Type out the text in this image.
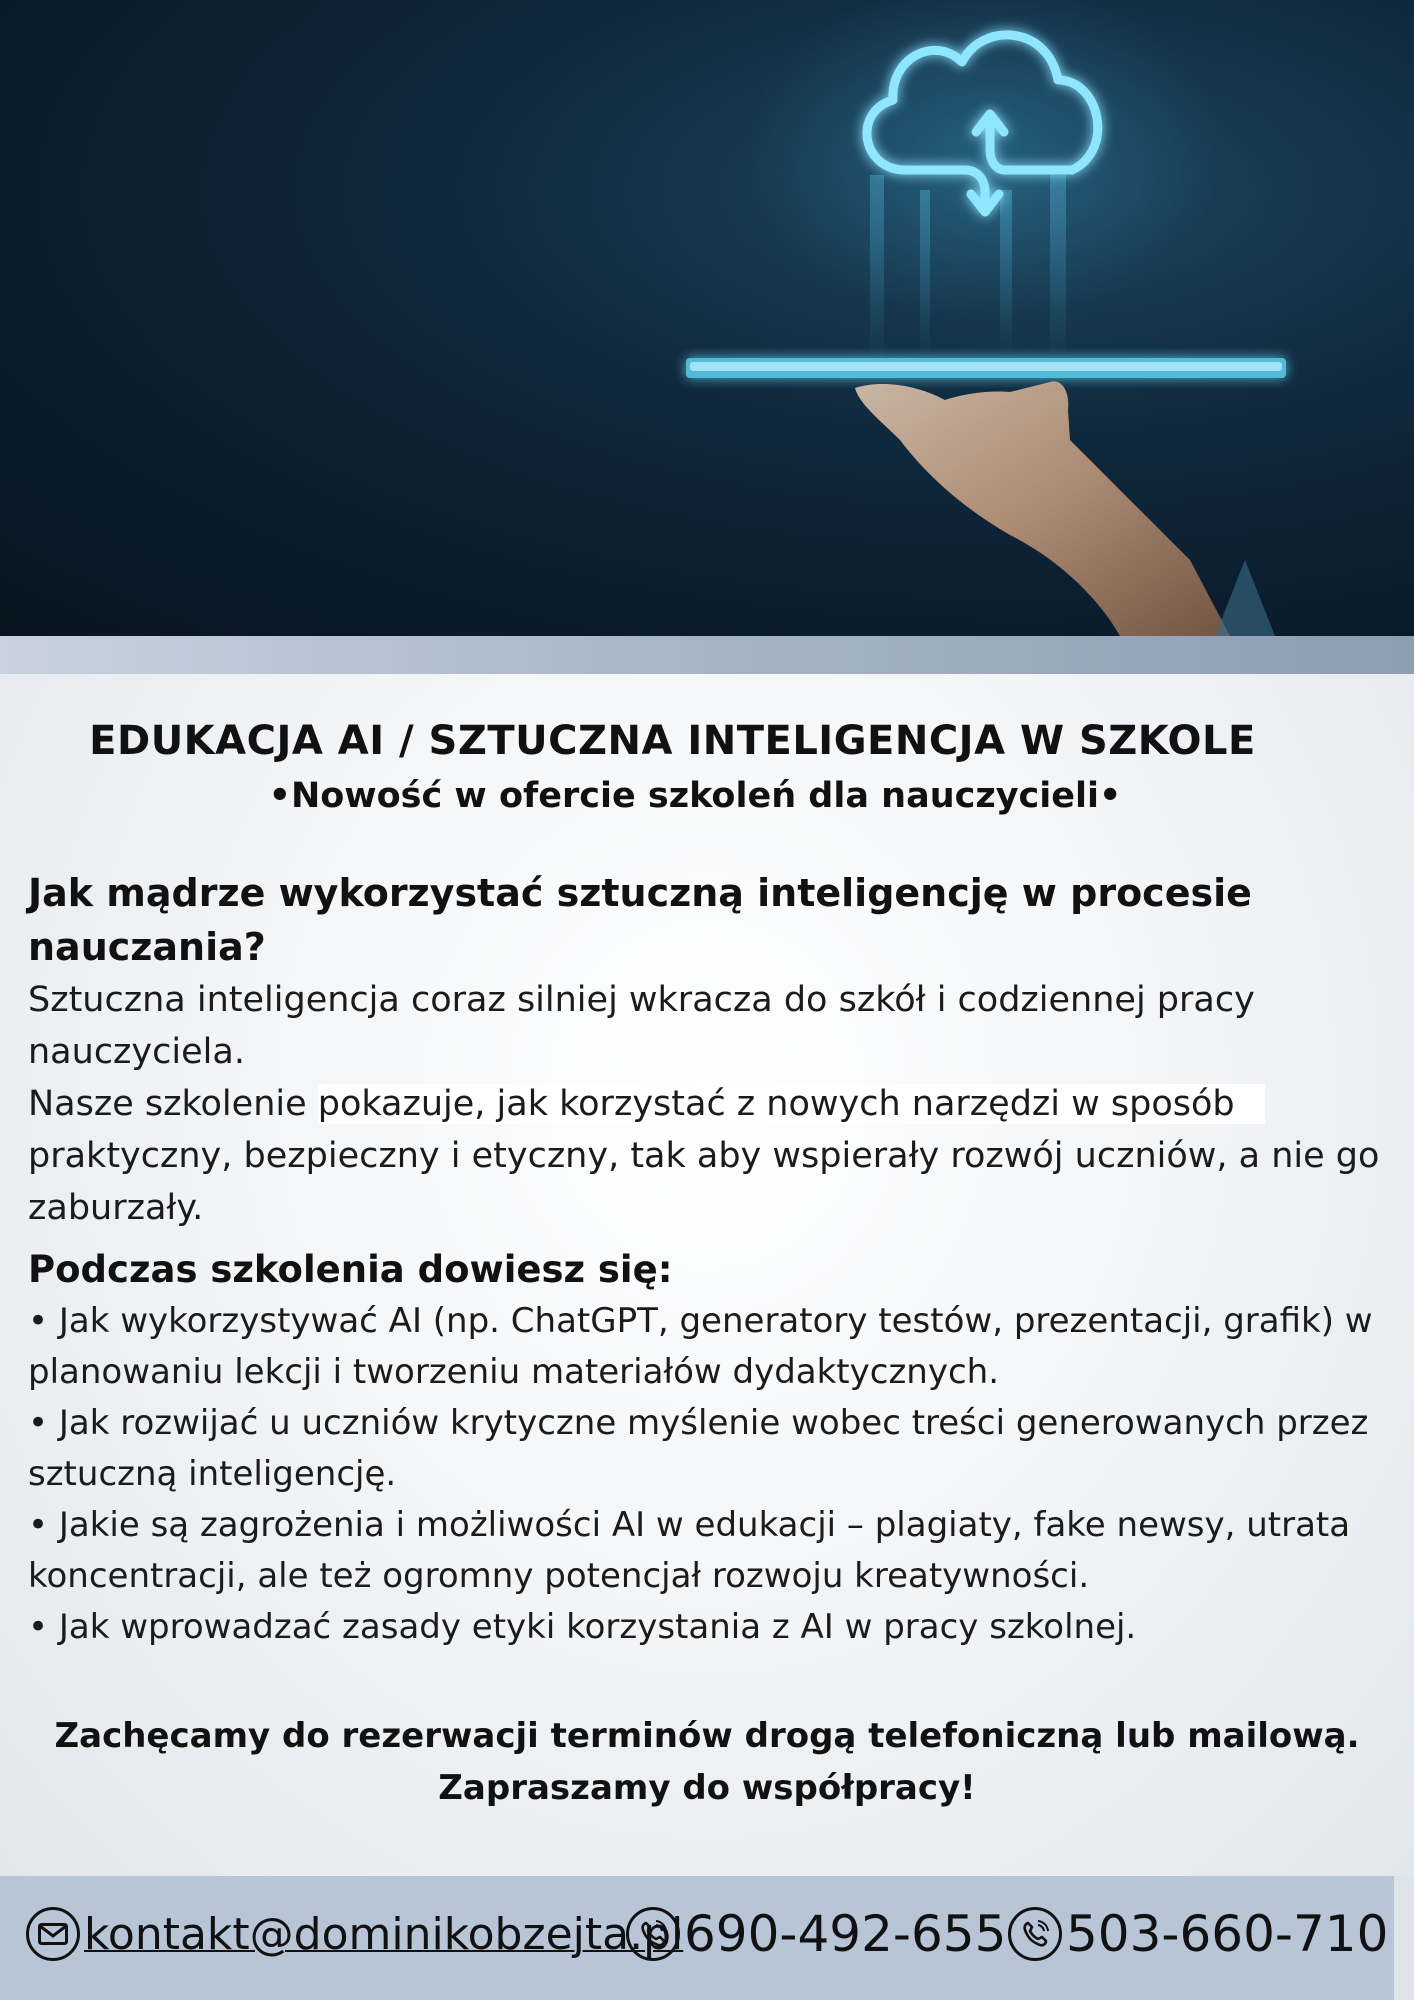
EDUKACJA AI / SZTUCZNA INTELIGENCJA W SZKOLE
•Nowość w ofercie szkoleń dla nauczycieli•
Jak mądrze wykorzystać sztuczną inteligencję w procesie nauczania?
Sztuczna inteligencja coraz silniej wkracza do szkół i codziennej pracy nauczyciela.
Nasze szkolenie pokazuje, jak korzystać z nowych narzędzi w sposób praktyczny, bezpieczny i etyczny, tak aby wspierały rozwój uczniów, a nie go zaburzały.
Podczas szkolenia dowiesz się:
• Jak wykorzystywać AI (np. ChatGPT, generatory testów, prezentacji, grafik) w planowaniu lekcji i tworzeniu materiałów dydaktycznych.
• Jak rozwijać u uczniów krytyczne myślenie wobec treści generowanych przez sztuczną inteligencję.
• Jakie są zagrożenia i możliwości AI w edukacji – plagiaty, fake newsy, utrata koncentracji, ale też ogromny potencjał rozwoju kreatywności.
• Jak wprowadzać zasady etyki korzystania z AI w pracy szkolnej.
Zachęcamy do rezerwacji terminów drogą telefoniczną lub mailową.
Zapraszamy do współpracy!
kontakt@dominikobzejta.pl 690-492-655 503-660-710
